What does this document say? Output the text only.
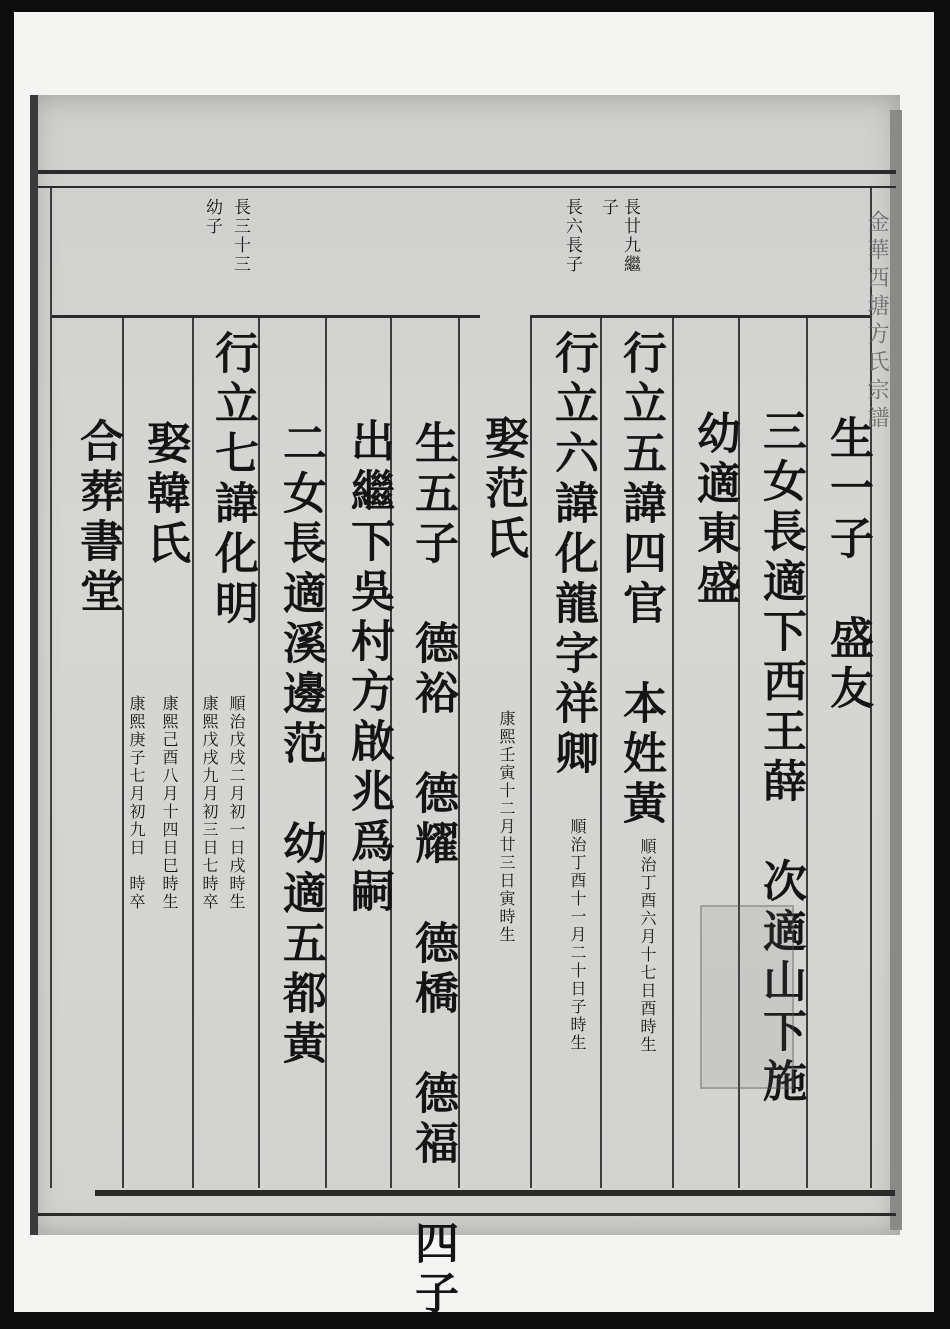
金華西塘方氏宗譜
長廿九繼
子
長六長子
長三十三
幼子
生一子　盛友
三女長適下西王薛　次適山下施
幼適東盛
行立五諱四官　本姓黃
順治丁酉六月十七日酉時生
行立六諱化龍字祥卿
順治丁酉十一月二十日子時生
娶范氏
康熙壬寅十二月廿三日寅時生
生五子　德裕　德耀　德橋　德福　四子
出繼下吳村方啟兆爲嗣
二女長適溪邊范　幼適五都黃
行立七諱化明
順治戊戌二月初一日戌時生
康熙戊戌九月初三日七時卒
娶韓氏
康熙己酉八月十四日巳時生
康熙庚子七月初九日　時卒
合葬書堂
